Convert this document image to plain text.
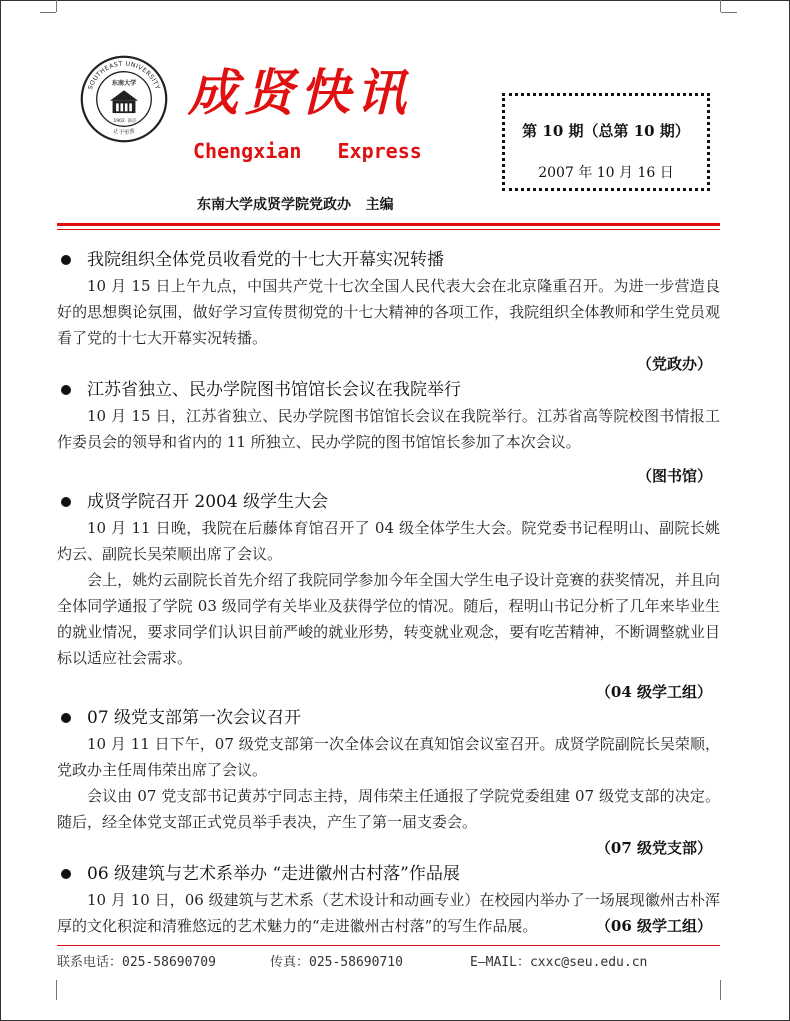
SOUTHEAST UNIVERSITY
东南大学
1902 南京
止于至善
成贤快讯
Chengxian   Express
第 10 期（总第 10 期）
2007 年 10 月 16 日
东南大学成贤学院党政办   主编
我院组织全体党员收看党的十七大开幕实况转播

10 月 15 日上午九点，中国共产党十七次全国人民代表大会在北京隆重召开。为进一步营造良好的思想舆论氛围，做好学习宣传贯彻党的十七大精神的各项工作，我院组织全体教师和学生党员观看了党的十七大开幕实况转播。

（党政办）
江苏省独立、民办学院图书馆馆长会议在我院举行

10 月 15 日，江苏省独立、民办学院图书馆馆长会议在我院举行。江苏省高等院校图书情报工作委员会的领导和省内的 11 所独立、民办学院的图书馆馆长参加了本次会议。

（图书馆）
成贤学院召开 2004 级学生大会

10 月 11 日晚，我院在后藤体育馆召开了 04 级全体学生大会。院党委书记程明山、副院长姚灼云、副院长吴荣顺出席了会议。

会上，姚灼云副院长首先介绍了我院同学参加今年全国大学生电子设计竞赛的获奖情况，并且向全体同学通报了学院 03 级同学有关毕业及获得学位的情况。随后，程明山书记分析了几年来毕业生的就业情况，要求同学们认识目前严峻的就业形势，转变就业观念，要有吃苦精神，不断调整就业目标以适应社会需求。

（04 级学工组）
07 级党支部第一次会议召开

10 月 11 日下午，07 级党支部第一次全体会议在真知馆会议室召开。成贤学院副院长吴荣顺，党政办主任周伟荣出席了会议。

会议由 07 党支部书记黄苏宁同志主持，周伟荣主任通报了学院党委组建 07 级党支部的决定。随后，经全体党支部正式党员举手表决，产生了第一届支委会。

（07 级党支部）
06 级建筑与艺术系举办 “走进徽州古村落”作品展

10 月 10 日，06 级建筑与艺术系（艺术设计和动画专业）在校园内举办了一场展现徽州古朴浑厚的文化积淀和清雅悠远的艺术魅力的“走进徽州古村落”的写生作品展。	（06 级学工组）
联系电话：025-58690709	传真：025-58690710	E—MAIL：cxxc@seu.edu.cn
